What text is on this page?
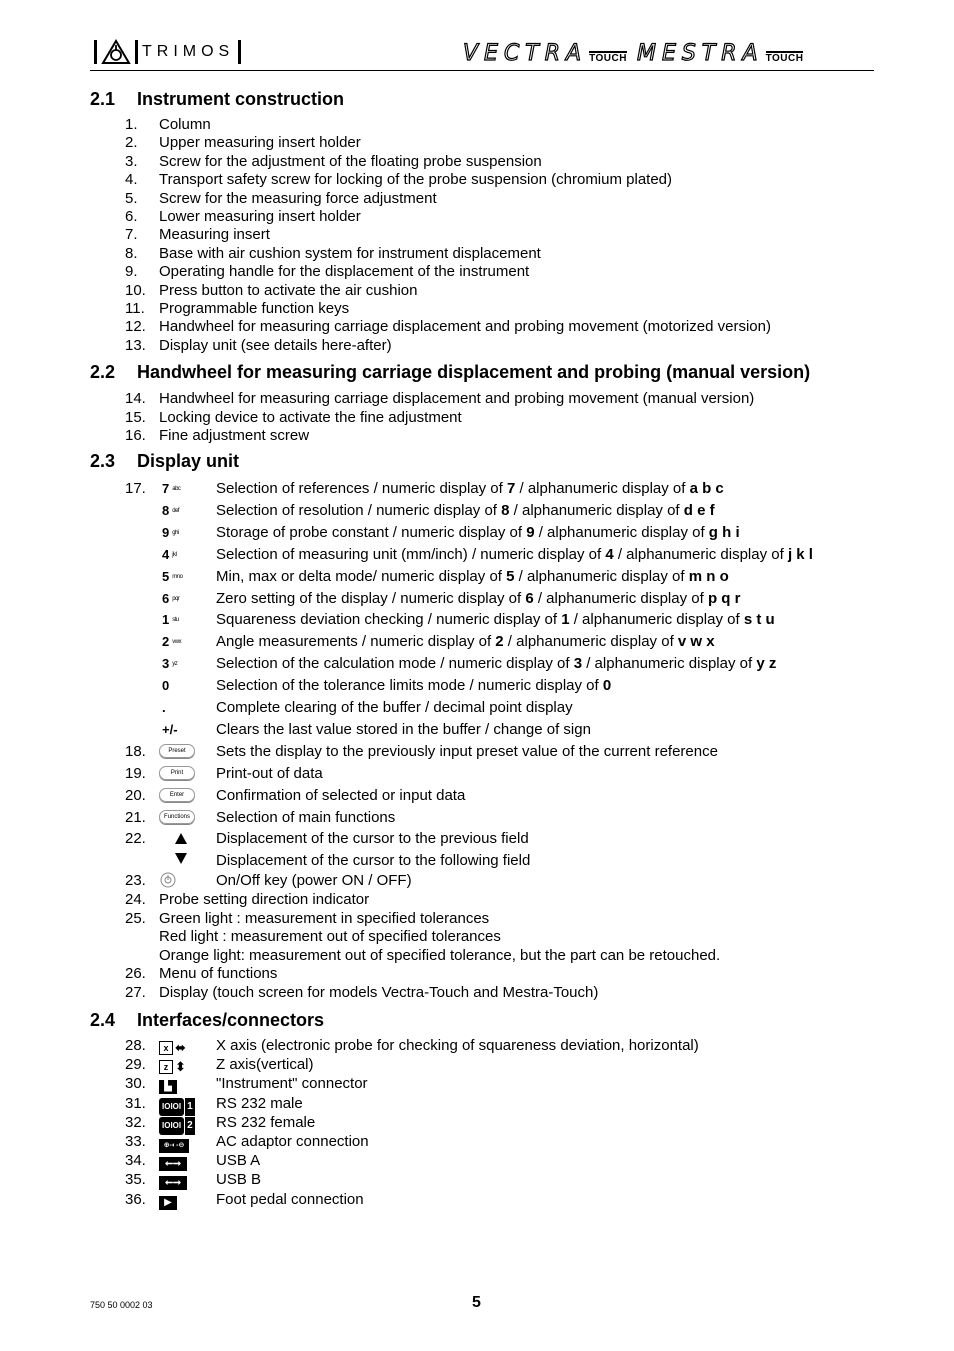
TRIMOS	VECTRA TOUCH MESTRA TOUCH
2.1 Instrument construction
1. Column
2. Upper measuring insert holder
3. Screw for the adjustment of the floating probe suspension
4. Transport safety screw for locking of the probe suspension (chromium plated)
5. Screw for the measuring force adjustment
6. Lower measuring insert holder
7. Measuring insert
8. Base with air cushion system for instrument displacement
9. Operating handle for the displacement of the instrument
10. Press button to activate the air cushion
11. Programmable function keys
12. Handwheel for measuring carriage displacement and probing movement (motorized version)
13. Display unit (see details here-after)
2.2 Handwheel for measuring carriage displacement and probing (manual version)
14. Handwheel for measuring carriage displacement and probing movement (manual version)
15. Locking device to activate the fine adjustment
16. Fine adjustment screw
2.3 Display unit
17. 7 abc Selection of references / numeric display of 7 / alphanumeric display of a b c
8 def Selection of resolution / numeric display of 8 / alphanumeric display of d e f
9 ghi Storage of probe constant / numeric display of 9 / alphanumeric display of g h i
4 jkl	Selection of measuring unit (mm/inch) / numeric display of 4 / alphanumeric display of j k l
5 mno Min, max or delta mode/ numeric display of 5 / alphanumeric display of m n o
6 pqr Zero setting of the display / numeric display of 6 / alphanumeric display of p q r
1 stu Squareness deviation checking / numeric display of 1 / alphanumeric display of s t u
2 vwx Angle measurements / numeric display of 2 / alphanumeric display of v w x
3 yz	Selection of the calculation mode / numeric display of 3 / alphanumeric display of y z
0	Selection of the tolerance limits mode / numeric display of 0
.	Complete clearing of the buffer / decimal point display
+/-	Clears the last value stored in the buffer / change of sign
18.	Preset	Sets the display to the previously input preset value of the current reference
19.	Print	Print-out of data
20.	Enter	Confirmation of selected or input data
21.	Functions	Selection of main functions
22.	Displacement of the cursor to the previous field
Displacement of the cursor to the following field
23.	On/Off key (power ON / OFF)
24. Probe setting direction indicator
25. Green light : measurement in specified tolerances
Red light : measurement out of specified tolerances
Orange light: measurement out of specified tolerance, but the part can be retouched.
26. Menu of functions
27. Display (touch screen for models Vectra-Touch and Mestra-Touch)
2.4 Interfaces/connectors
28.	x ⬌ X axis (electronic probe for checking of squareness deviation, horizontal)
29.	z ⬍ Z axis(vertical)
30.	▙	"Instrument" connector
31.	IOIOI 1 RS 232 male
32.	IOIOI 2 RS 232 female
33.	⊕-◐-⊖	AC adaptor connection
34.	⭠⭢	USB A
35.	⭠⭢	USB B
36.	▶	Foot pedal connection
750 50 0002 03	5
